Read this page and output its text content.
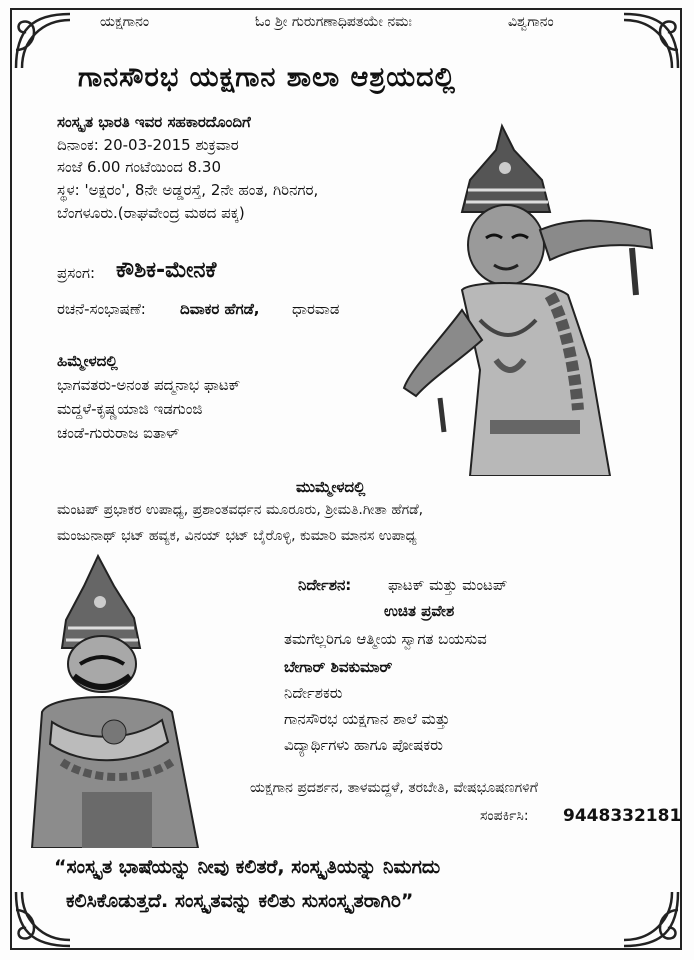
ಯಕ್ಷಗಾನಂ	ಓಂ ಶ್ರೀ ಗುರುಗಣಾಧಿಪತಯೇ ನಮಃ	ವಿಶ್ವಗಾನಂ
ಗಾನಸೌರಭ ಯಕ್ಷಗಾನ ಶಾಲಾ ಆಶ್ರಯದಲ್ಲಿ
ಸಂಸ್ಕೃತ ಭಾರತಿ ಇವರ ಸಹಕಾರದೊಂದಿಗೆ
ದಿನಾಂಕ: 20-03-2015 ಶುಕ್ರವಾರ
ಸಂಜೆ 6.00 ಗಂಟೆಯಿಂದ 8.30
ಸ್ಥಳ: 'ಅಕ್ಷರಂ', 8ನೇ ಅಡ್ಡರಸ್ತೆ, 2ನೇ ಹಂತ, ಗಿರಿನಗರ,
ಬೆಂಗಳೂರು.(ರಾಘವೇಂದ್ರ ಮಠದ ಪಕ್ಕ)
ಪ್ರಸಂಗ: ಕೌಶಿಕ-ಮೇನಕೆ
ರಚನೆ-ಸಂಭಾಷಣೆ: ದಿವಾಕರ ಹೆಗಡೆ, ಧಾರವಾಡ
ಹಿಮ್ಮೇಳದಲ್ಲಿ
ಭಾಗವತರು-ಅನಂತ ಪದ್ಮನಾಭ ಫಾಟಕ್
ಮದ್ದಳೆ-ಕೃಷ್ಣಯಾಜಿ ಇಡಗುಂಜಿ
ಚಂಡೆ-ಗುರುರಾಜ ಐತಾಳ್
ಮುಮ್ಮೇಳದಲ್ಲಿ
ಮಂಟಪ್ ಪ್ರಭಾಕರ ಉಪಾಧ್ಯ, ಪ್ರಶಾಂತವರ್ಧನ ಮೂರೂರು, ಶ್ರೀಮತಿ.ಗೀತಾ ಹೆಗಡೆ,
ಮಂಜುನಾಥ್ ಭಟ್ ಹವ್ಯಕ, ವಿನಯ್ ಭಟ್ ಬೈರೊಳ್ಳಿ, ಕುಮಾರಿ ಮಾನಸ ಉಪಾಧ್ಯ
ನಿರ್ದೇಶನ: ಫಾಟಕ್ ಮತ್ತು ಮಂಟಪ್
ಉಚಿತ ಪ್ರವೇಶ
ತಮಗೆಲ್ಲರಿಗೂ ಆತ್ಮೀಯ ಸ್ವಾಗತ ಬಯಸುವ
ಬೇಗಾರ್ ಶಿವಕುಮಾರ್
ನಿರ್ದೇಶಕರು
ಗಾನಸೌರಭ ಯಕ್ಷಗಾನ ಶಾಲೆ ಮತ್ತು
ವಿದ್ಯಾರ್ಥಿಗಳು ಹಾಗೂ ಪೋಷಕರು
ಯಕ್ಷಗಾನ ಪ್ರದರ್ಶನ, ತಾಳಮದ್ದಳೆ, ತರಬೇತಿ, ವೇಷಭೂಷಣಗಳಿಗೆ
ಸಂಪರ್ಕಿಸಿ: 9448332181
“ಸಂಸ್ಕೃತ ಭಾಷೆಯನ್ನು ನೀವು ಕಲಿತರೆ, ಸಂಸ್ಕೃತಿಯನ್ನು ನಿಮಗದು
ಕಲಿಸಿಕೊಡುತ್ತದೆ. ಸಂಸ್ಕೃತವನ್ನು ಕಲಿತು ಸುಸಂಸ್ಕೃತರಾಗಿರಿ”
